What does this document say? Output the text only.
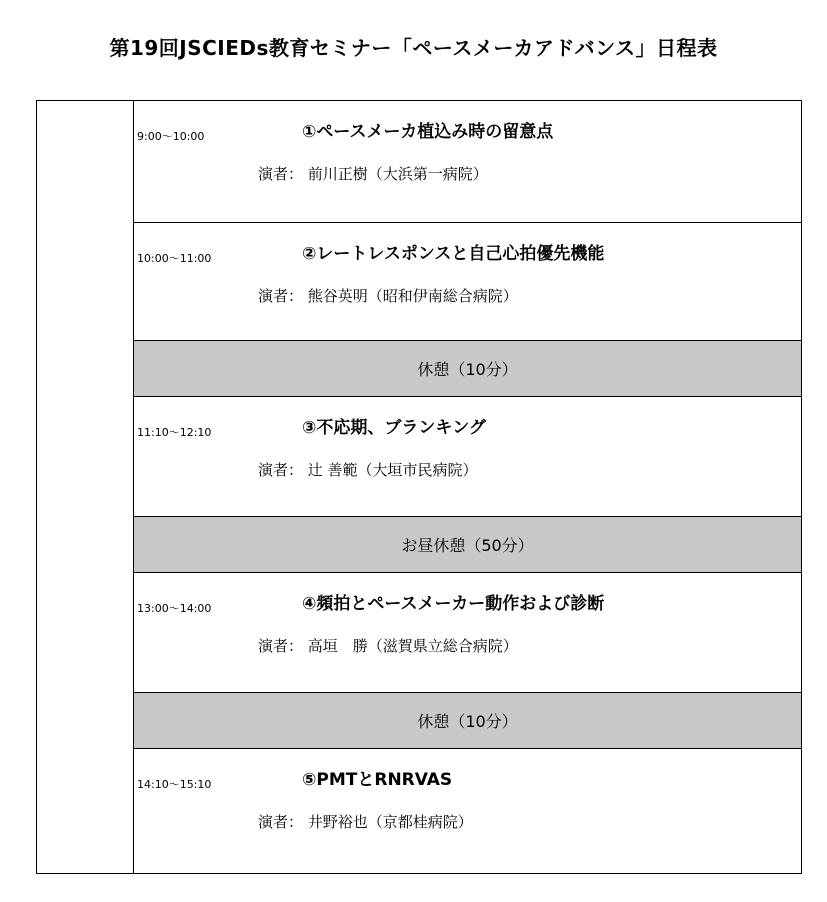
第19回JSCIEDs教育セミナー「ペースメーカアドバンス」日程表
9:00～10:00	①ペースメーカ植込み時の留意点
演者： 前川正樹（大浜第一病院）
10:00～11:00	②レートレスポンスと自己心拍優先機能
演者： 熊谷英明（昭和伊南総合病院）
休憩（10分）
11:10～12:10	③不応期、ブランキング
演者： 辻 善範（大垣市民病院）
お昼休憩（50分）
13:00～14:00	④頻拍とペースメーカー動作および診断
演者： 高垣　勝（滋賀県立総合病院）
休憩（10分）
14:10～15:10	⑤PMTとRNRVAS
演者： 井野裕也（京都桂病院）
